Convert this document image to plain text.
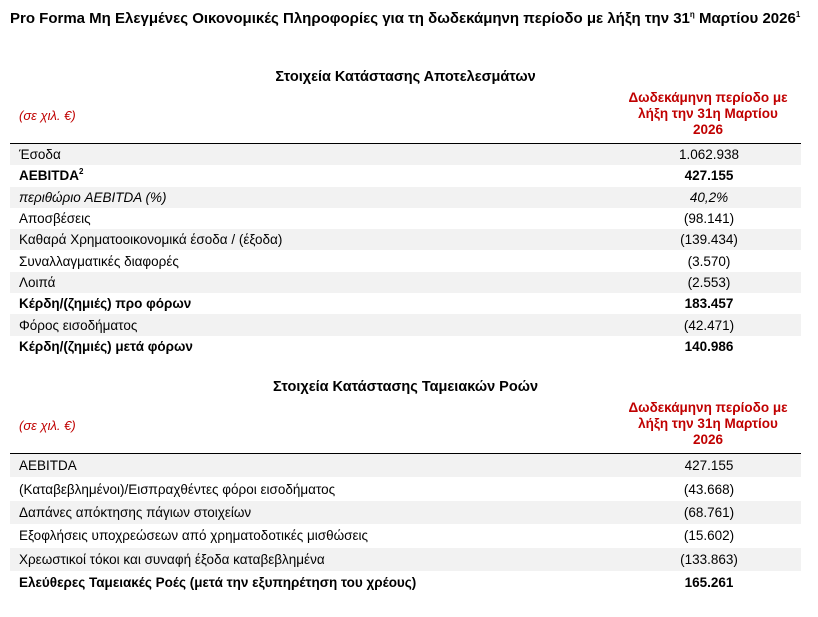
Pro Forma Μη Ελεγμένες Οικονομικές Πληροφορίες για τη δωδεκάμηνη περίοδο με λήξη την $31^\eta$ Μαρτίου 2026$^1$
Στοιχεία Κατάστασης Αποτελεσμάτων
(σε χιλ. €)
Δωδεκάμηνη περίοδο με
λήξη την 31η Μαρτίου
2026
Έσοδα	1.062.938
AEBITDA$^2$	427.155
περιθώριο AEBITDA (%)	40,2%
Αποσβέσεις	(98.141)
Καθαρά Χρηματοοικονομικά έσοδα / (έξοδα)	(139.434)
Συναλλαγματικές διαφορές	(3.570)
Λοιπά	(2.553)
Κέρδη/(ζημιές) προ φόρων	183.457
Φόρος εισοδήματος	(42.471)
Κέρδη/(ζημιές) μετά φόρων	140.986
Στοιχεία Κατάστασης Ταμειακών Ροών
(σε χιλ. €)
Δωδεκάμηνη περίοδο με
λήξη την 31η Μαρτίου
2026
AEBITDA	427.155
(Καταβεβλημένοι)/Εισπραχθέντες φόροι εισοδήματος	(43.668)
Δαπάνες απόκτησης πάγιων στοιχείων	(68.761)
Εξοφλήσεις υποχρεώσεων από χρηματοδοτικές μισθώσεις	(15.602)
Χρεωστικοί τόκοι και συναφή έξοδα καταβεβλημένα	(133.863)
Ελεύθερες Ταμειακές Ροές (μετά την εξυπηρέτηση του χρέους)	165.261
